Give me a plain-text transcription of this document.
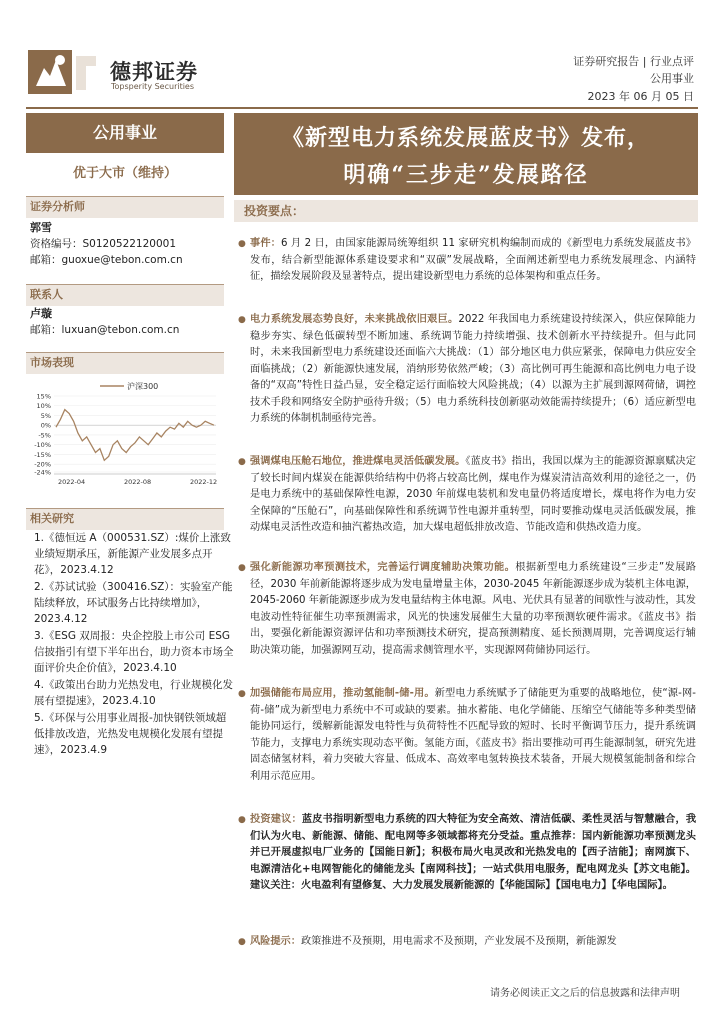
德邦证券
Topsperity Securities
证券研究报告 | 行业点评
公用事业
2023 年 06 月 05 日
公用事业
优于大市（维持）
证券分析师
郭雪
资格编号：S0120522120001
邮箱：guoxue@tebon.com.cn
联系人
卢璇
邮箱：luxuan@tebon.com.cn
市场表现
15%
10%
5%
0%
-5%
-10%
-15%
-20%
-24%
2022-04	2022-08	2022-12
沪深300
相关研究
1.《德恒远 A（000531.SZ）:煤价上涨致业绩短期承压，新能源产业发展多点开花》，2023.4.12
2.《苏试试验（300416.SZ）：实验室产能陆续释放，环试服务占比持续增加》，2023.4.12
3.《ESG 双周报：央企控股上市公司 ESG 信披指引有望下半年出台，助力资本市场全面评价央企价值》，2023.4.10
4.《政策出台助力光热发电，行业规模化发展有望提速》，2023.4.10
5.《环保与公用事业周报-加快钢铁领域超低排放改造，光热发电规模化发展有望提速》，2023.4.9
《新型电力系统发展蓝皮书》发布，
明确“三步走”发展路径
投资要点：
● 事件：6 月 2 日，由国家能源局统筹组织 11 家研究机构编制而成的《新型电力系统发展蓝皮书》发布，结合新型能源体系建设要求和“双碳”发展战略，全面阐述新型电力系统发展理念、内涵特征，描绘发展阶段及显著特点，提出建设新型电力系统的总体架构和重点任务。
● 电力系统发展态势良好，未来挑战依旧艰巨。2022 年我国电力系统建设持续深入，供应保障能力稳步夯实、绿色低碳转型不断加速、系统调节能力持续增强、技术创新水平持续提升。但与此同时，未来我国新型电力系统建设还面临六大挑战：（1）部分地区电力供应紧张，保障电力供应安全面临挑战；（2）新能源快速发展，消纳形势依然严峻；（3）高比例可再生能源和高比例电力电子设备的“双高”特性日益凸显，安全稳定运行面临较大风险挑战；（4）以源为主扩展到源网荷储，调控技术手段和网络安全防护亟待升级；（5）电力系统科技创新驱动效能需持续提升；（6）适应新型电力系统的体制机制亟待完善。
● 强调煤电压舱石地位，推进煤电灵活低碳发展。《蓝皮书》指出，我国以煤为主的能源资源禀赋决定了较长时间内煤炭在能源供给结构中仍将占较高比例，煤电作为煤炭清洁高效利用的途径之一，仍是电力系统中的基础保障性电源，2030 年前煤电装机和发电量仍将适度增长，煤电将作为电力安全保障的“压舱石”，向基础保障性和系统调节性电源并重转型，同时要推动煤电灵活低碳发展，推动煤电灵活性改造和抽汽蓄热改造，加大煤电超低排放改造、节能改造和供热改造力度。
● 强化新能源功率预测技术，完善运行调度辅助决策功能。根据新型电力系统建设“三步走”发展路径，2030 年前新能源将逐步成为发电量增量主体，2030-2045 年新能源逐步成为装机主体电源，2045-2060 年新能源逐步成为发电量结构主体电源。风电、光伏具有显著的间歇性与波动性，其发电波动性特征催生功率预测需求，风光的快速发展催生大量的功率预测软硬件需求。《蓝皮书》指出，要强化新能源资源评估和功率预测技术研究，提高预测精度、延长预测周期，完善调度运行辅助决策功能，加强源网互动，提高需求侧管理水平，实现源网荷储协同运行。
● 加强储能布局应用，推动氢能制-储-用。新型电力系统赋予了储能更为重要的战略地位，使“源-网-荷-储”成为新型电力系统中不可或缺的要素。抽水蓄能、电化学储能、压缩空气储能等多种类型储能协同运行，缓解新能源发电特性与负荷特性不匹配导致的短时、长时平衡调节压力，提升系统调节能力，支撑电力系统实现动态平衡。氢能方面，《蓝皮书》指出要推动可再生能源制氢，研究先进固态储氢材料，着力突破大容量、低成本、高效率电氢转换技术装备，开展大规模氢能制备和综合利用示范应用。
● 投资建议：蓝皮书指明新型电力系统的四大特征为安全高效、清洁低碳、柔性灵活与智慧融合，我们认为火电、新能源、储能、配电网等多领域都将充分受益。重点推荐：国内新能源功率预测龙头并已开展虚拟电厂业务的【国能日新】；积极布局火电灵改和光热发电的【西子洁能】；南网旗下、电源清洁化+电网智能化的储能龙头【南网科技】；一站式供用电服务，配电网龙头【苏文电能】。建议关注：火电盈利有望修复、大力发展发展新能源的【华能国际】【国电电力】【华电国际】。
● 风险提示：政策推进不及预期，用电需求不及预期，产业发展不及预期，新能源发
请务必阅读正文之后的信息披露和法律声明
